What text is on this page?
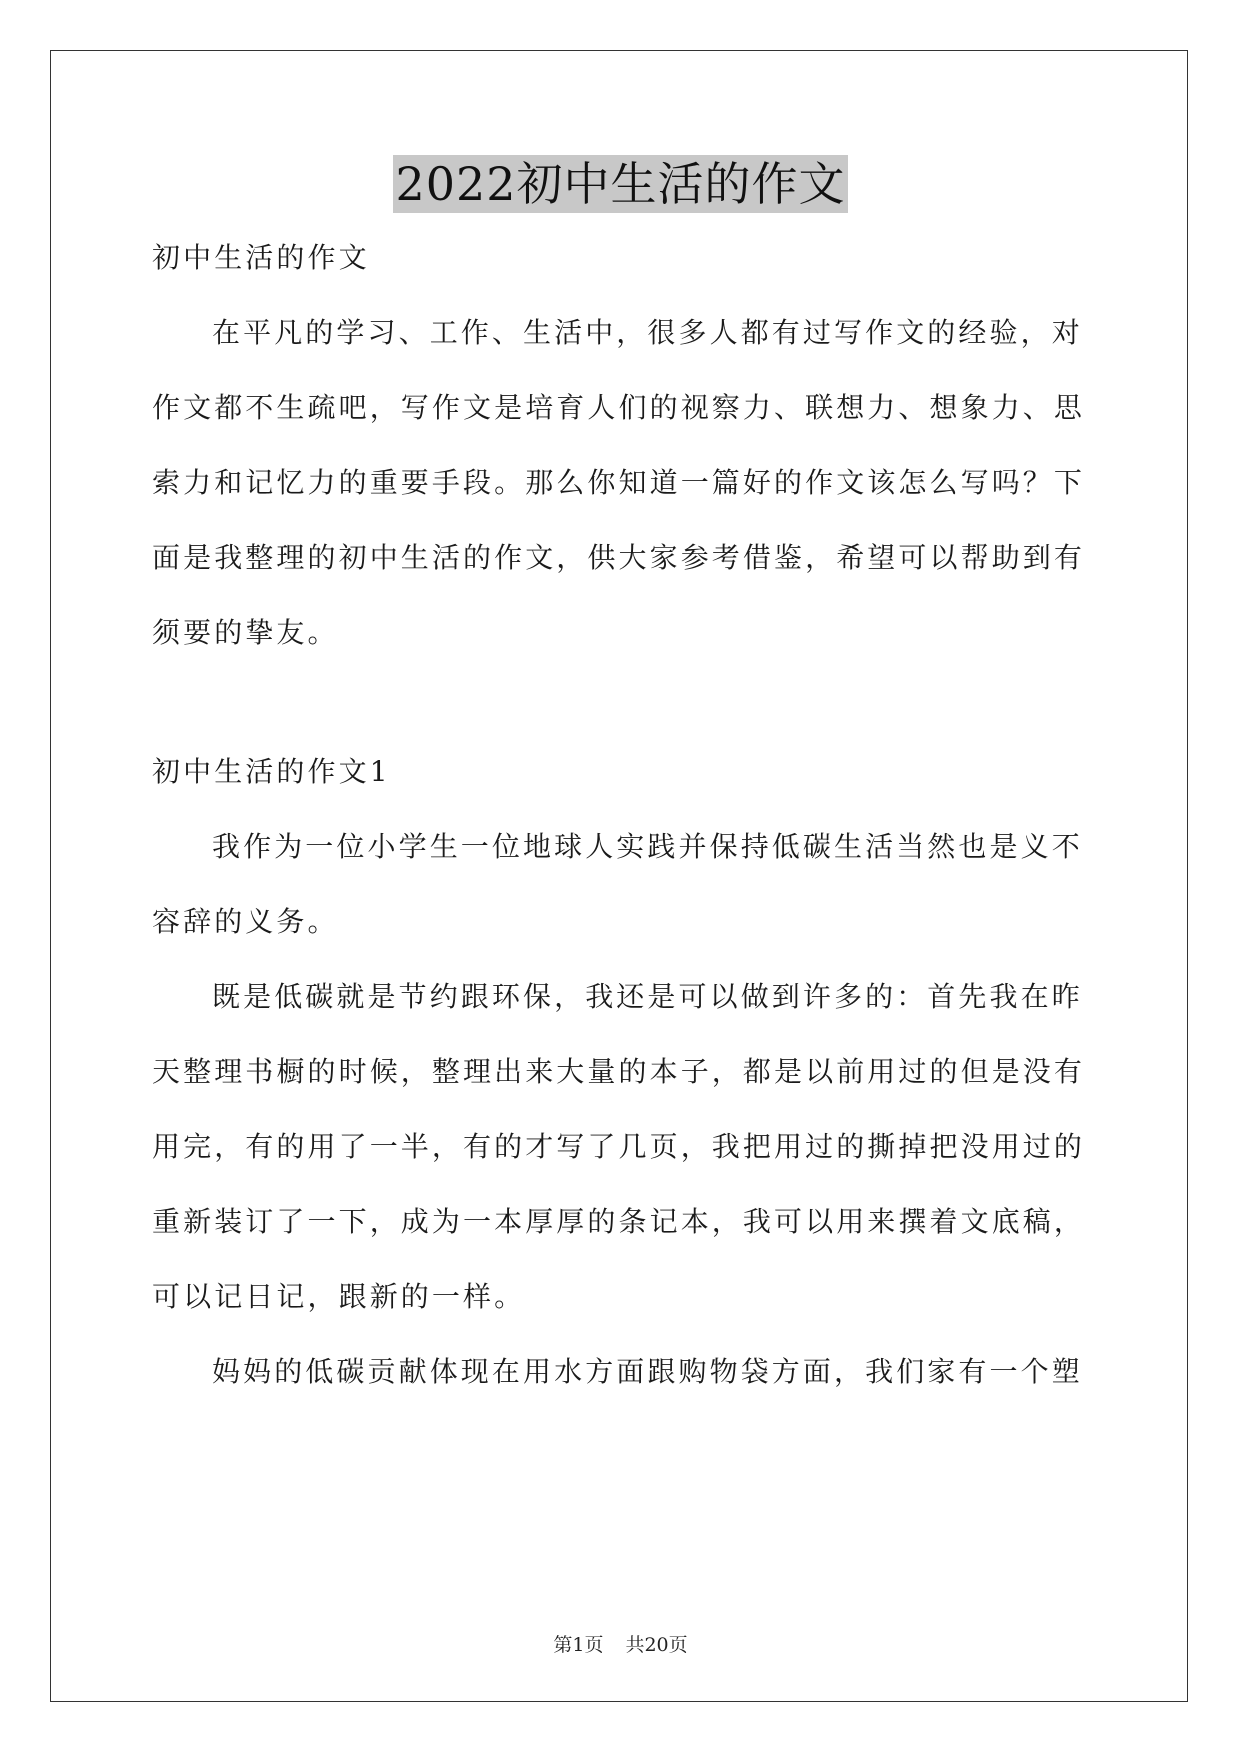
2022初中生活的作文
初中生活的作文
在平凡的学习、工作、生活中，很多人都有过写作文的经验，对
作文都不生疏吧，写作文是培育人们的视察力、联想力、想象力、思
索力和记忆力的重要手段。那么你知道一篇好的作文该怎么写吗？下
面是我整理的初中生活的作文，供大家参考借鉴，希望可以帮助到有
须要的挚友。
初中生活的作文1
我作为一位小学生一位地球人实践并保持低碳生活当然也是义不
容辞的义务。
既是低碳就是节约跟环保，我还是可以做到许多的：首先我在昨
天整理书橱的时候，整理出来大量的本子，都是以前用过的但是没有
用完，有的用了一半，有的才写了几页，我把用过的撕掉把没用过的
重新装订了一下，成为一本厚厚的条记本，我可以用来撰着文底稿，
可以记日记，跟新的一样。
妈妈的低碳贡献体现在用水方面跟购物袋方面，我们家有一个塑
第1页 共20页
